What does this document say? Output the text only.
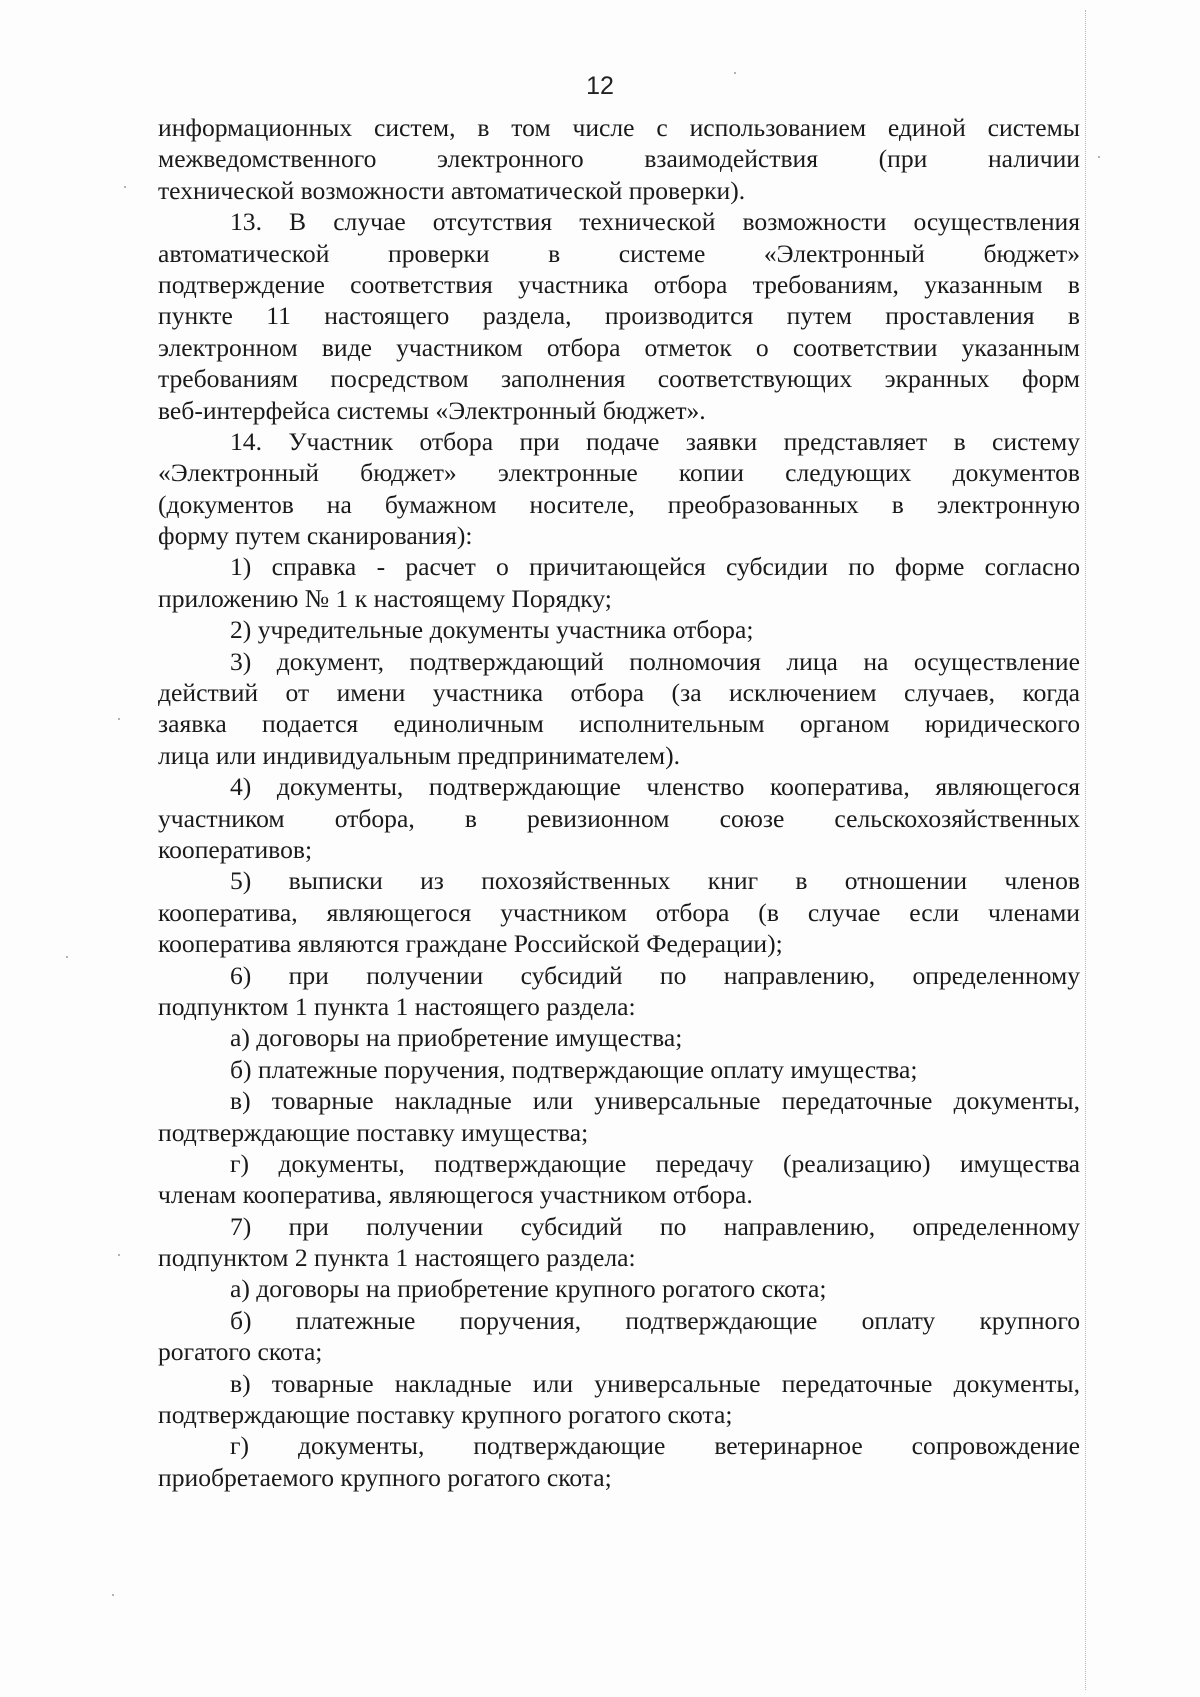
12
информационных систем, в том числе с использованием единой системы
межведомственного электронного взаимодействия (при наличии
технической возможности автоматической проверки).
13. В случае отсутствия технической возможности осуществления
автоматической проверки в системе «Электронный бюджет»
подтверждение соответствия участника отбора требованиям, указанным в
пункте 11 настоящего раздела, производится путем проставления в
электронном виде участником отбора отметок о соответствии указанным
требованиям посредством заполнения соответствующих экранных форм
веб-интерфейса системы «Электронный бюджет».
14. Участник отбора при подаче заявки представляет в систему
«Электронный бюджет» электронные копии следующих документов
(документов на бумажном носителе, преобразованных в электронную
форму путем сканирования):
1) справка - расчет о причитающейся субсидии по форме согласно
приложению № 1 к настоящему Порядку;
2) учредительные документы участника отбора;
3) документ, подтверждающий полномочия лица на осуществление
действий от имени участника отбора (за исключением случаев, когда
заявка подается единоличным исполнительным органом юридического
лица или индивидуальным предпринимателем).
4) документы, подтверждающие членство кооператива, являющегося
участником отбора, в ревизионном союзе сельскохозяйственных
кооперативов;
5) выписки из похозяйственных книг в отношении членов
кооператива, являющегося участником отбора (в случае если членами
кооператива являются граждане Российской Федерации);
6) при получении субсидий по направлению, определенному
подпунктом 1 пункта 1 настоящего раздела:
а) договоры на приобретение имущества;
б) платежные поручения, подтверждающие оплату имущества;
в) товарные накладные или универсальные передаточные документы,
подтверждающие поставку имущества;
г) документы, подтверждающие передачу (реализацию) имущества
членам кооператива, являющегося участником отбора.
7) при получении субсидий по направлению, определенному
подпунктом 2 пункта 1 настоящего раздела:
а) договоры на приобретение крупного рогатого скота;
б) платежные поручения, подтверждающие оплату крупного
рогатого скота;
в) товарные накладные или универсальные передаточные документы,
подтверждающие поставку крупного рогатого скота;
г) документы, подтверждающие ветеринарное сопровождение
приобретаемого крупного рогатого скота;
